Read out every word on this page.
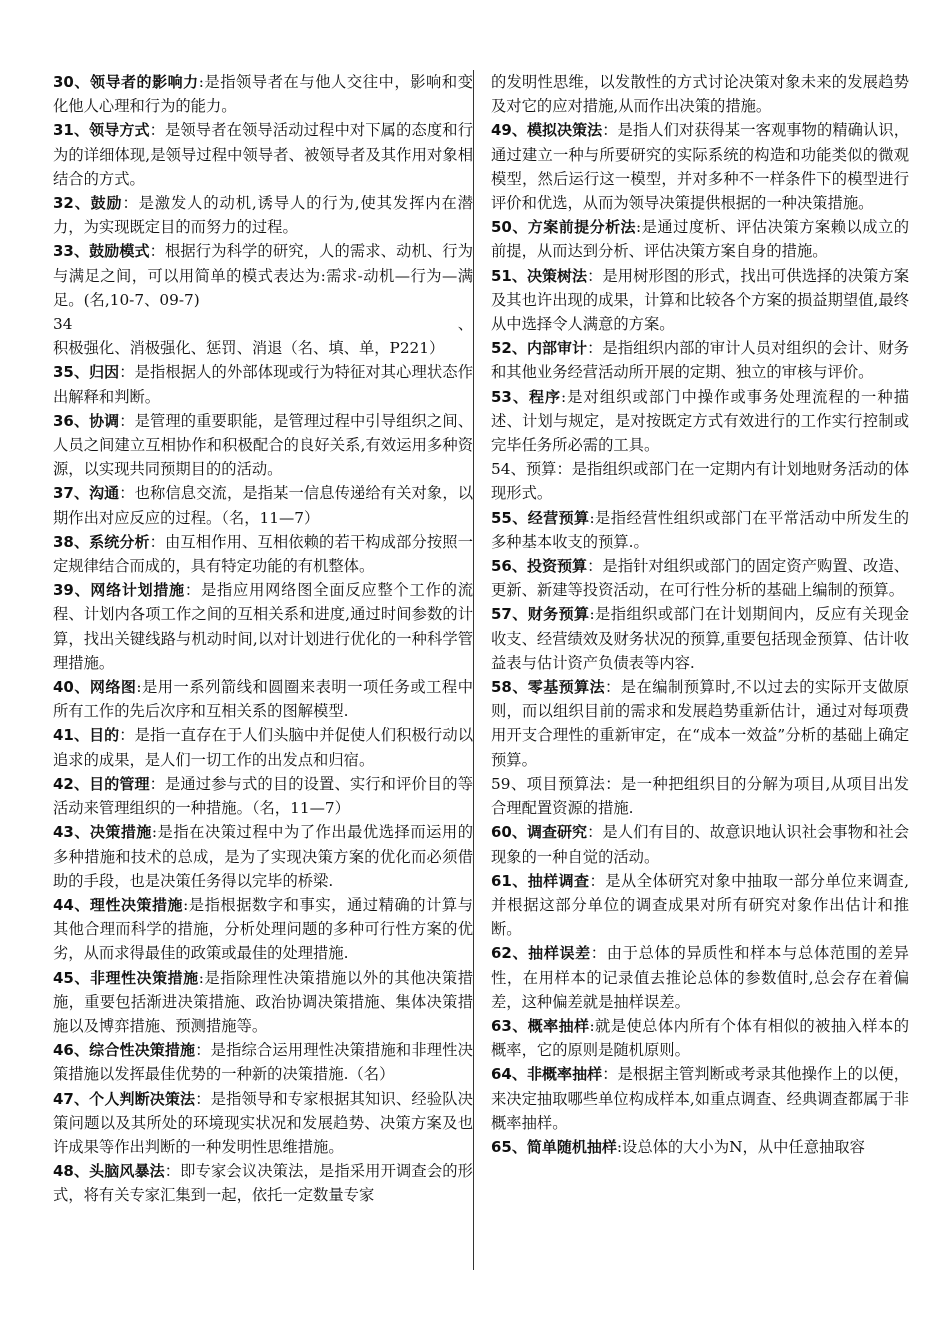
30、领导者的影响力:是指领导者在与他人交往中，影响和变化他人心理和行为的能力。

31、领导方式：是领导者在领导活动过程中对下属的态度和行为的详细体现,是领导过程中领导者、被领导者及其作用对象相结合的方式。

32、鼓励：是激发人的动机,诱导人的行为,使其发挥内在潜力，为实现既定目的而努力的过程。

33、鼓励模式：根据行为科学的研究，人的需求、动机、行为与满足之间，可以用简单的模式表达为:需求-动机—行为—满足。(名,10-7、09-7)

34、积极强化、消极强化、惩罚、消退（名、填、单，P221）

35、归因：是指根据人的外部体现或行为特征对其心理状态作出解释和判断。

36、协调：是管理的重要职能，是管理过程中引导组织之间、人员之间建立互相协作和积极配合的良好关系,有效运用多种资源，以实现共同预期目的的活动。

37、沟通：也称信息交流，是指某一信息传递给有关对象，以期作出对应反应的过程。（名，11—7）

38、系统分析：由互相作用、互相依赖的若干构成部分按照一定规律结合而成的，具有特定功能的有机整体。

39、网络计划措施：是指应用网络图全面反应整个工作的流程、计划内各项工作之间的互相关系和进度,通过时间参数的计算，找出关键线路与机动时间,以对计划进行优化的一种科学管理措施。

40、网络图:是用一系列箭线和圆圈来表明一项任务或工程中所有工作的先后次序和互相关系的图解模型.

41、目的：是指一直存在于人们头脑中并促使人们积极行动以追求的成果，是人们一切工作的出发点和归宿。

42、目的管理：是通过参与式的目的设置、实行和评价目的等活动来管理组织的一种措施。（名，11—7）

43、决策措施:是指在决策过程中为了作出最优选择而运用的多种措施和技术的总成，是为了实现决策方案的优化而必须借助的手段，也是决策任务得以完毕的桥梁.

44、理性决策措施:是指根据数字和事实，通过精确的计算与其他合理而科学的措施，分析处理问题的多种可行性方案的优劣，从而求得最佳的政策或最佳的处理措施.

45、非理性决策措施:是指除理性决策措施以外的其他决策措施，重要包括渐进决策措施、政治协调决策措施、集体决策措施以及博弈措施、预测措施等。

46、综合性决策措施：是指综合运用理性决策措施和非理性决策措施以发挥最佳优势的一种新的决策措施.（名）

47、个人判断决策法：是指领导和专家根据其知识、经验队决策问题以及其所处的环境现实状况和发展趋势、决策方案及也许成果等作出判断的一种发明性思维措施。

48、头脑风暴法：即专家会议决策法，是指采用开调查会的形式，将有关专家汇集到一起，依托一定数量专家

的发明性思维，以发散性的方式讨论决策对象未来的发展趋势及对它的应对措施,从而作出决策的措施。

49、模拟决策法：是指人们对获得某一客观事物的精确认识，通过建立一种与所要研究的实际系统的构造和功能类似的微观模型，然后运行这一模型，并对多种不一样条件下的模型进行评价和优选，从而为领导决策提供根据的一种决策措施。

50、方案前提分析法:是通过度析、评估决策方案赖以成立的前提，从而达到分析、评估决策方案自身的措施。

51、决策树法：是用树形图的形式，找出可供选择的决策方案及其也许出现的成果，计算和比较各个方案的损益期望值,最终从中选择令人满意的方案。

52、内部审计：是指组织内部的审计人员对组织的会计、财务和其他业务经营活动所开展的定期、独立的审核与评价。

53、程序:是对组织或部门中操作或事务处理流程的一种描述、计划与规定，是对按既定方式有效进行的工作实行控制或完毕任务所必需的工具。

54、预算：是指组织或部门在一定期内有计划地财务活动的体现形式。

55、经营预算:是指经营性组织或部门在平常活动中所发生的多种基本收支的预算.。

56、投资预算：是指针对组织或部门的固定资产购置、改造、更新、新建等投资活动，在可行性分析的基础上编制的预算。

57、财务预算:是指组织或部门在计划期间内，反应有关现金收支、经营绩效及财务状况的预算,重要包括现金预算、估计收益表与估计资产负债表等内容.

58、零基预算法：是在编制预算时,不以过去的实际开支做原则，而以组织目前的需求和发展趋势重新估计，通过对每项费用开支合理性的重新审定，在“成本一效益”分析的基础上确定预算。

59、项目预算法：是一种把组织目的分解为项目,从项目出发合理配置资源的措施.

60、调查研究：是人们有目的、故意识地认识社会事物和社会现象的一种自觉的活动。

61、抽样调查：是从全体研究对象中抽取一部分单位来调查,并根据这部分单位的调查成果对所有研究对象作出估计和推断。

62、抽样误差：由于总体的异质性和样本与总体范围的差异性，在用样本的记录值去推论总体的参数值时,总会存在着偏差，这种偏差就是抽样误差。

63、概率抽样:就是使总体内所有个体有相似的被抽入样本的概率，它的原则是随机原则。

64、非概率抽样：是根据主管判断或考录其他操作上的以便，来决定抽取哪些单位构成样本,如重点调查、经典调查都属于非概率抽样。

65、简单随机抽样:设总体的大小为N，从中任意抽取容
